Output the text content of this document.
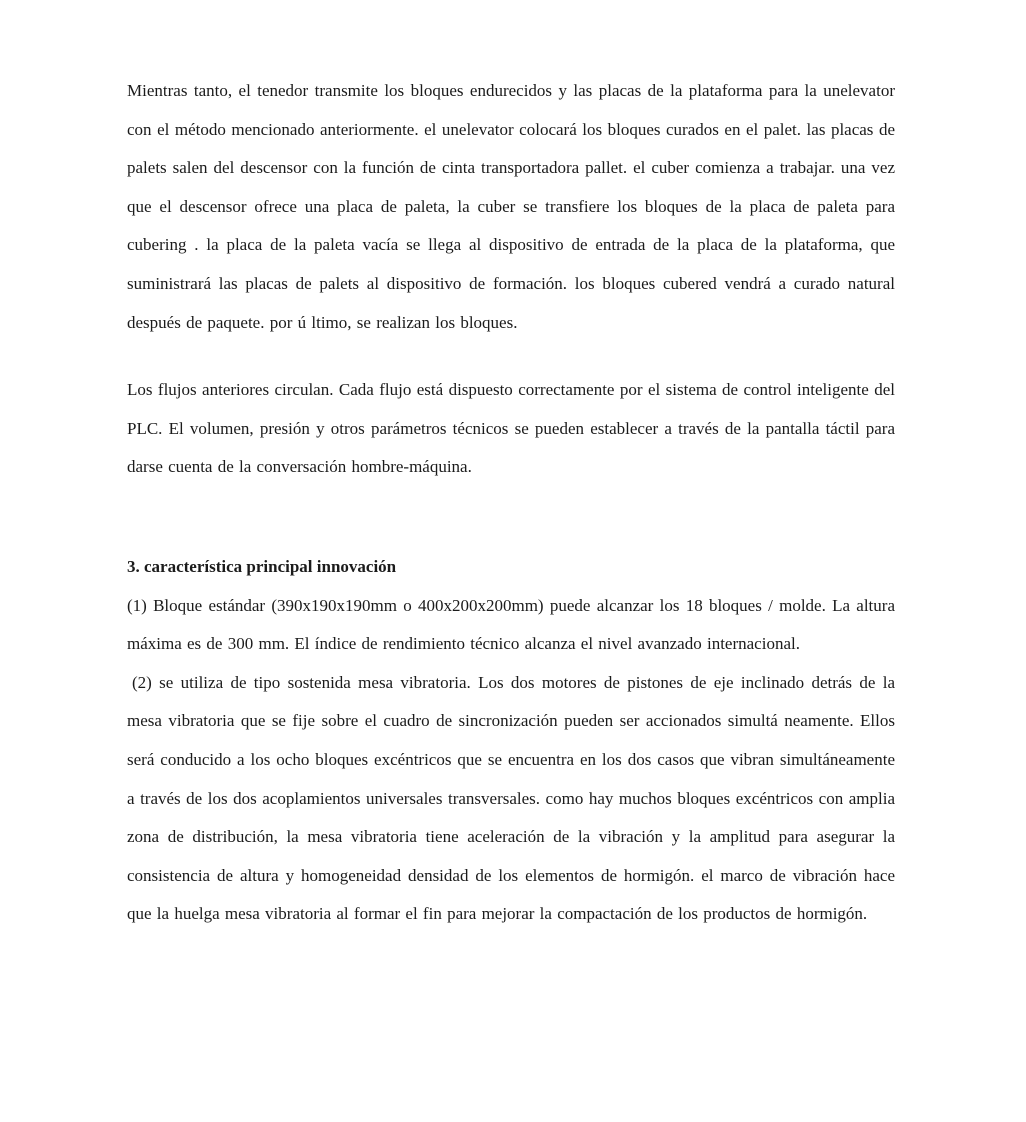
Mientras tanto, el tenedor transmite los bloques endurecidos y las placas de la plataforma para la unelevator con el método mencionado anteriormente. el unelevator colocará los bloques curados en el palet. las placas de palets salen del descensor con la función de cinta transportadora pallet. el cuber comienza a trabajar. una vez que el descensor ofrece una placa de paleta, la cuber se transfiere los bloques de la placa de paleta para cubering . la placa de la paleta vacía se llega al dispositivo de entrada de la placa de la plataforma, que suministrará las placas de palets al dispositivo de formación. los bloques cubered vendrá a curado natural después de paquete. por ú ltimo, se realizan los bloques.

Los flujos anteriores circulan. Cada flujo está dispuesto correctamente por el sistema de control inteligente del PLC. El volumen, presión y otros parámetros técnicos se pueden establecer a través de la pantalla táctil para darse cuenta de la conversación hombre-máquina.

3. característica principal innovación

(1) Bloque estándar (390x190x190mm o 400x200x200mm) puede alcanzar los 18 bloques / molde. La altura máxima es de 300 mm. El índice de rendimiento técnico alcanza el nivel avanzado internacional.

(2) se utiliza de tipo sostenida mesa vibratoria. Los dos motores de pistones de eje inclinado detrás de la mesa vibratoria que se fije sobre el cuadro de sincronización pueden ser accionados simultá neamente. Ellos será conducido a los ocho bloques excéntricos que se encuentra en los dos casos que vibran simultáneamente a través de los dos acoplamientos universales transversales. como hay muchos bloques excéntricos con amplia zona de distribución, la mesa vibratoria tiene aceleración de la vibración y la amplitud para asegurar la consistencia de altura y homogeneidad densidad de los elementos de hormigón. el marco de vibración hace que la huelga mesa vibratoria al formar el fin para mejorar la compactación de los productos de hormigón.
